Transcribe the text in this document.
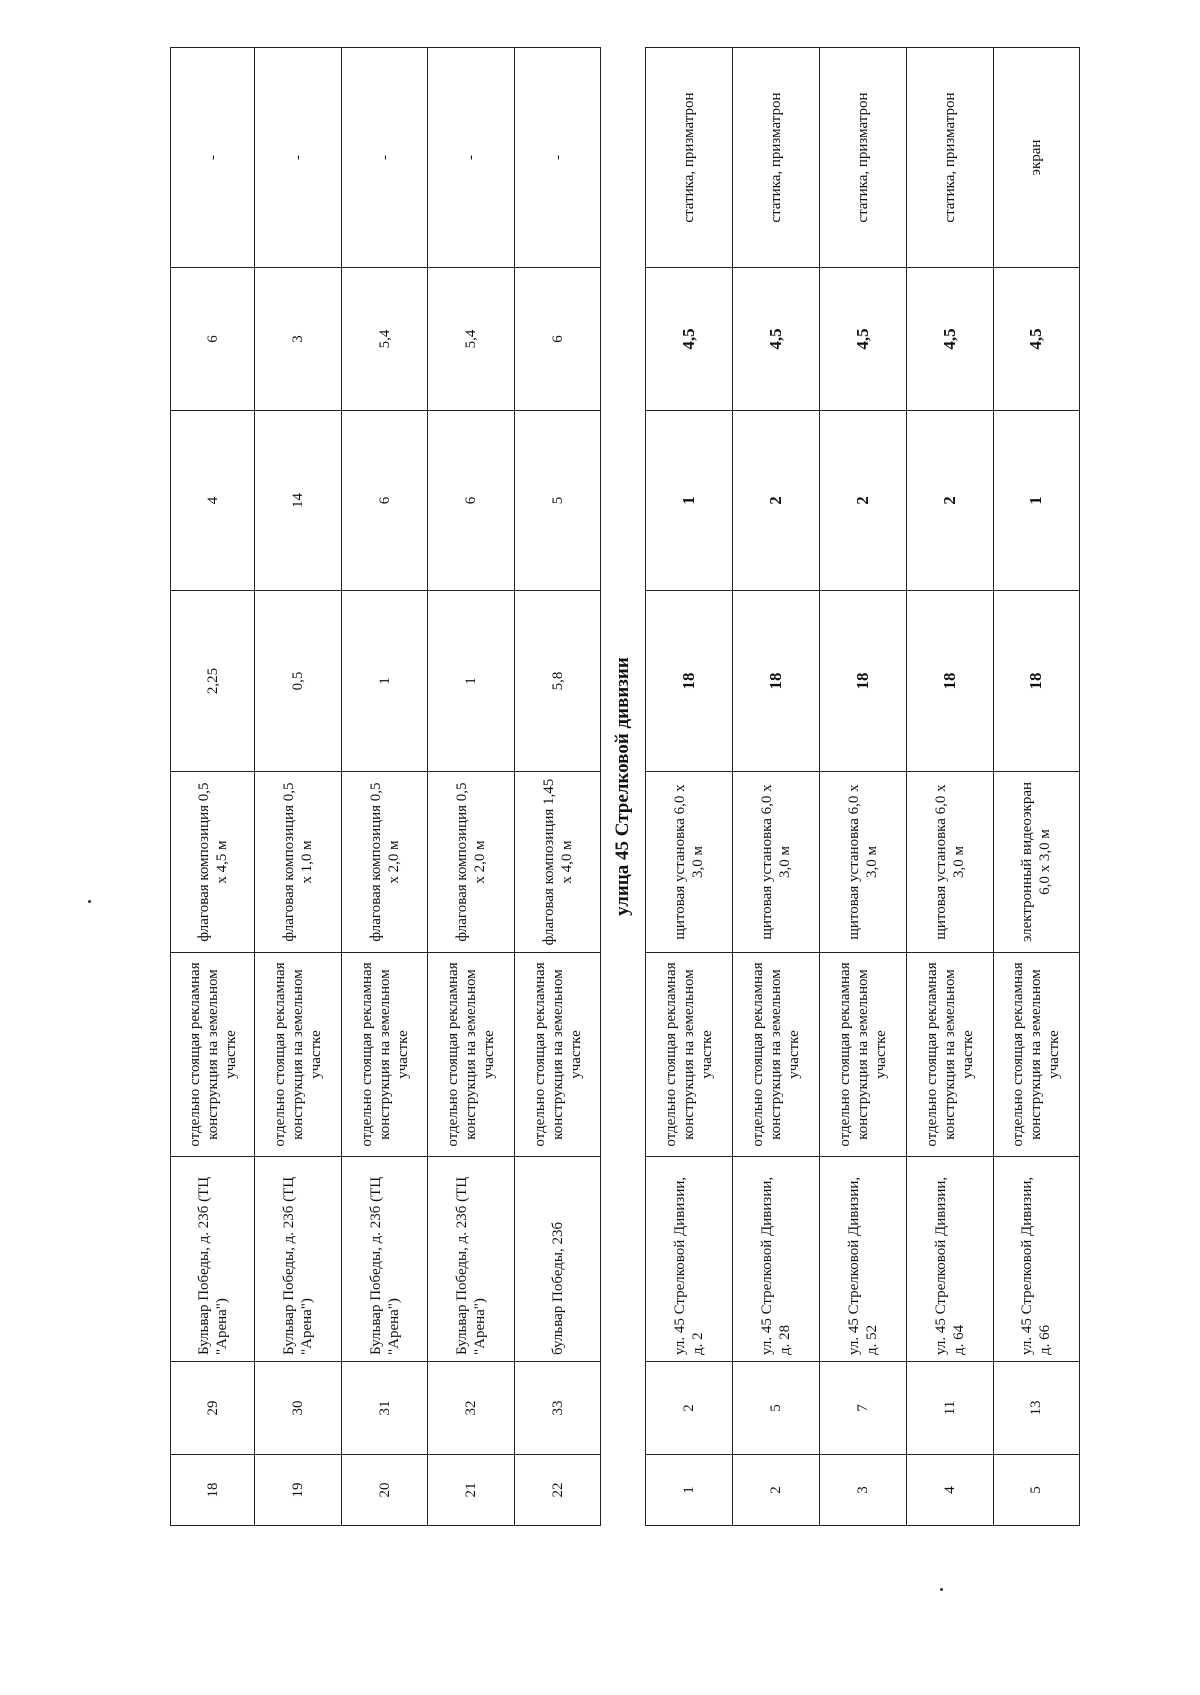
18	29	Бульвар Победы, д. 23б (ТЦ "Арена")	отдельно стоящая рекламная конструкция на земельном участке	флаговая композиция 0,5 x 4,5 м	2,25	4	6	-
19	30	Бульвар Победы, д. 23б (ТЦ "Арена")	отдельно стоящая рекламная конструкция на земельном участке	флаговая композиция 0,5 x 1,0 м	0,5	14	3	-
20	31	Бульвар Победы, д. 23б (ТЦ "Арена")	отдельно стоящая рекламная конструкция на земельном участке	флаговая композиция 0,5 x 2,0 м	1	6	5,4	-
21	32	Бульвар Победы, д. 23б (ТЦ "Арена")	отдельно стоящая рекламная конструкция на земельном участке	флаговая композиция 0,5 x 2,0 м	1	6	5,4	-
22	33	бульвар Победы, 23б	отдельно стоящая рекламная конструкция на земельном участке	флаговая композиция 1,45 x 4,0 м	5,8	5	6	-
улица 45 Стрелковой дивизии								
1	2	ул. 45 Стрелковой Дивизии, д. 2	отдельно стоящая рекламная конструкция на земельном участке	щитовая установка 6,0 x 3,0 м	18	1	4,5	статика, призматрон
2	5	ул. 45 Стрелковой Дивизии, д. 28	отдельно стоящая рекламная конструкция на земельном участке	щитовая установка 6,0 x 3,0 м	18	2	4,5	статика, призматрон
3	7	ул. 45 Стрелковой Дивизии, д. 52	отдельно стоящая рекламная конструкция на земельном участке	щитовая установка 6,0 x 3,0 м	18	2	4,5	статика, призматрон
4	11	ул. 45 Стрелковой Дивизии, д. 64	отдельно стоящая рекламная конструкция на земельном участке	щитовая установка 6,0 x 3,0 м	18	2	4,5	статика, призматрон
5	13	ул. 45 Стрелковой Дивизии, д. 66	отдельно стоящая рекламная конструкция на земельном участке	электронный видеоэкран 6,0 x 3,0 м	18	1	4,5	экран
